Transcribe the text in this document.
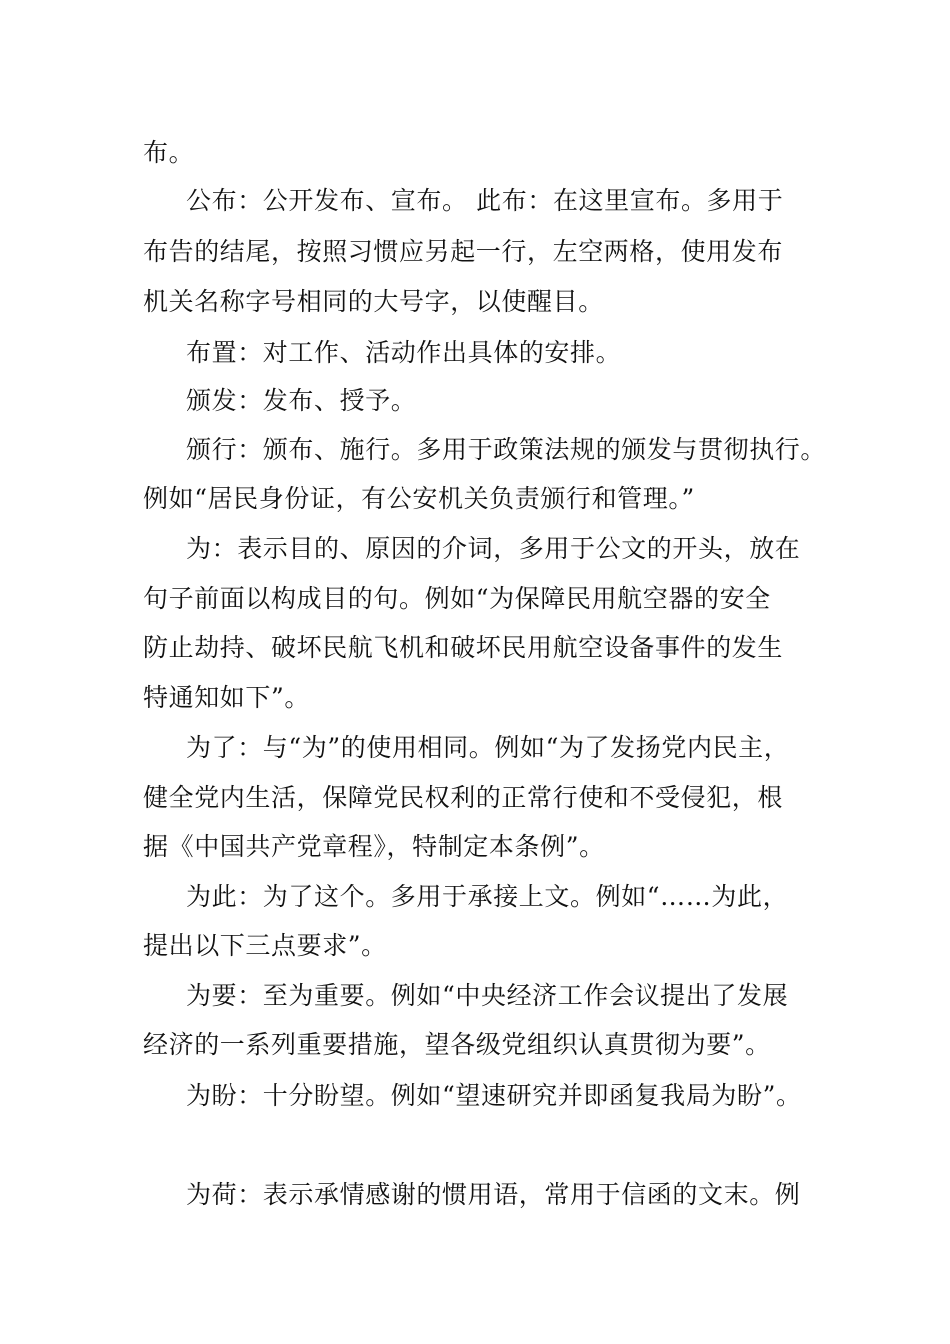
布。
公布：公开发布、宣布。 此布：在这里宣布。多用于
布告的结尾，按照习惯应另起一行，左空两格，使用发布
机关名称字号相同的大号字，以使醒目。
布置：对工作、活动作出具体的安排。
颁发：发布、授予。
颁行：颁布、施行。多用于政策法规的颁发与贯彻执行。
例如“居民身份证，有公安机关负责颁行和管理。”
为：表示目的、原因的介词，多用于公文的开头，放在
句子前面以构成目的句。例如“为保障民用航空器的安全
防止劫持、破坏民航飞机和破坏民用航空设备事件的发生
特通知如下”。
为了：与“为”的使用相同。例如“为了发扬党内民主，
健全党内生活，保障党民权利的正常行使和不受侵犯，根
据《中国共产党章程》，特制定本条例”。
为此：为了这个。多用于承接上文。例如“……为此，
提出以下三点要求”。
为要：至为重要。例如“中央经济工作会议提出了发展
经济的一系列重要措施，望各级党组织认真贯彻为要”。
为盼：十分盼望。例如“望速研究并即函复我局为盼”。
为荷：表示承情感谢的惯用语，常用于信函的文末。例
